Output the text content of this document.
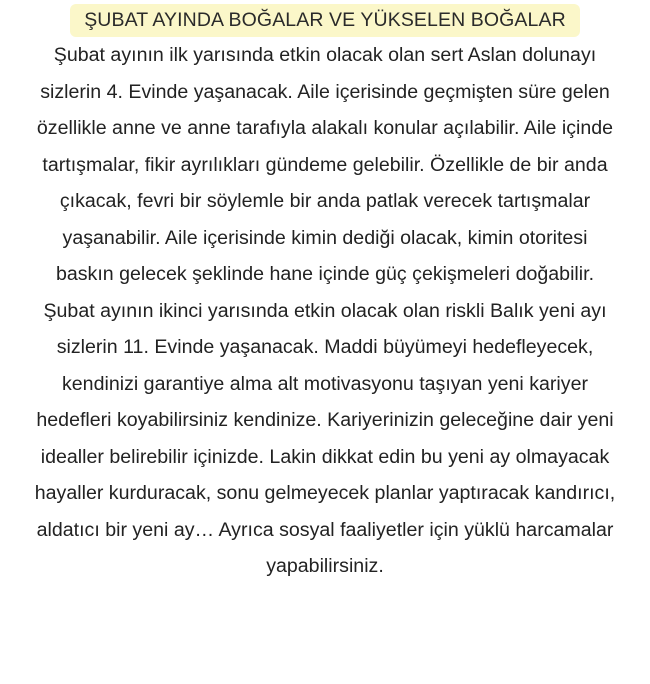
ŞUBAT AYINDA BOĞALAR VE YÜKSELEN BOĞALAR
Şubat ayının ilk yarısında etkin olacak olan sert Aslan dolunayı
sizlerin 4. Evinde yaşanacak. Aile içerisinde geçmişten süre gelen
özellikle anne ve anne tarafıyla alakalı konular açılabilir. Aile içinde
tartışmalar, fikir ayrılıkları gündeme gelebilir. Özellikle de bir anda
çıkacak, fevri bir söylemle bir anda patlak verecek tartışmalar
yaşanabilir. Aile içerisinde kimin dediği olacak, kimin otoritesi
baskın gelecek şeklinde hane içinde güç çekişmeleri doğabilir.
Şubat ayının ikinci yarısında etkin olacak olan riskli Balık yeni ayı
sizlerin 11. Evinde yaşanacak. Maddi büyümeyi hedefleyecek,
kendinizi garantiye alma alt motivasyonu taşıyan yeni kariyer
hedefleri koyabilirsiniz kendinize. Kariyerinizin geleceğine dair yeni
idealler belirebilir içinizde. Lakin dikkat edin bu yeni ay olmayacak
hayaller kurduracak, sonu gelmeyecek planlar yaptıracak kandırıcı,
aldatıcı bir yeni ay… Ayrıca sosyal faaliyetler için yüklü harcamalar
yapabilirsiniz.
